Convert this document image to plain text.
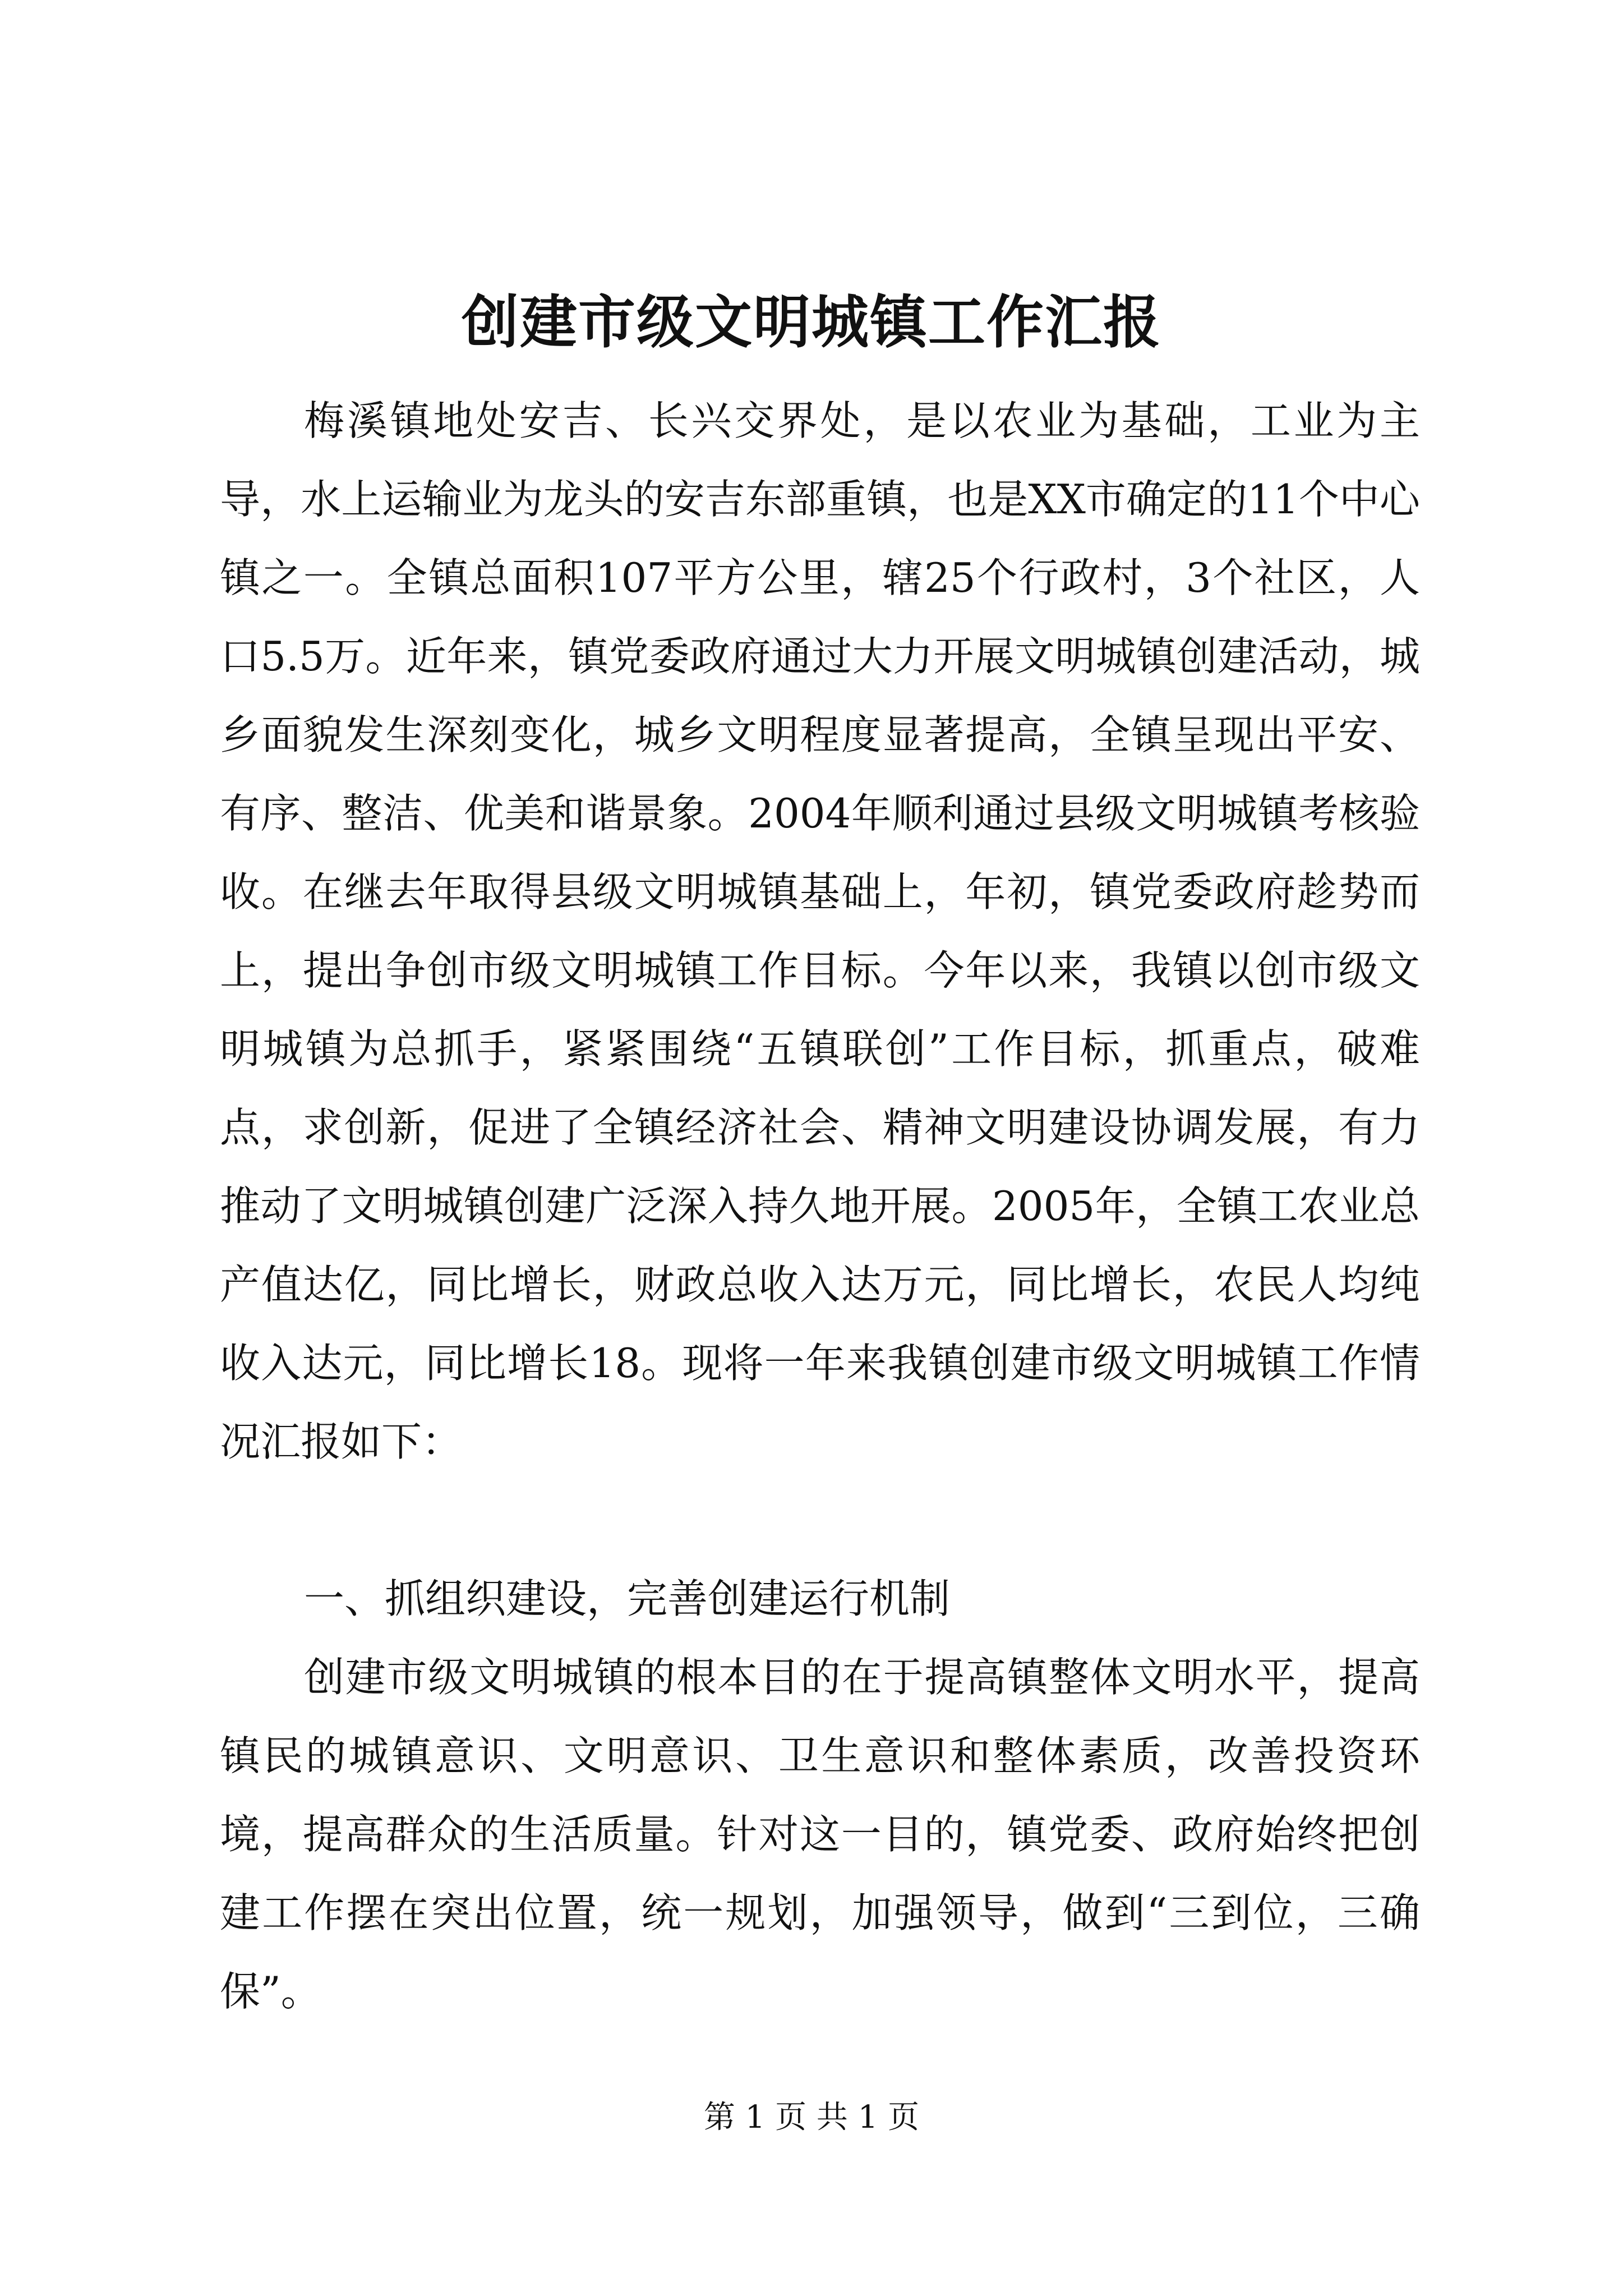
创建市级文明城镇工作汇报

梅溪镇地处安吉、长兴交界处，是以农业为基础，工业为主导，水上运输业为龙头的安吉东部重镇，也是XX市确定的11个中心镇之一。全镇总面积107平方公里，辖25个行政村，3个社区，人口5.5万。近年来，镇党委政府通过大力开展文明城镇创建活动，城乡面貌发生深刻变化，城乡文明程度显著提高，全镇呈现出平安、有序、整洁、优美和谐景象。2004年顺利通过县级文明城镇考核验收。在继去年取得县级文明城镇基础上，年初，镇党委政府趁势而上，提出争创市级文明城镇工作目标。今年以来，我镇以创市级文明城镇为总抓手，紧紧围绕“五镇联创”工作目标，抓重点，破难点，求创新，促进了全镇经济社会、精神文明建设协调发展，有力推动了文明城镇创建广泛深入持久地开展。2005年，全镇工农业总产值达亿，同比增长，财政总收入达万元，同比增长，农民人均纯收入达元，同比增长18。现将一年来我镇创建市级文明城镇工作情况汇报如下：

一、抓组织建设，完善创建运行机制

创建市级文明城镇的根本目的在于提高镇整体文明水平，提高镇民的城镇意识、文明意识、卫生意识和整体素质，改善投资环境，提高群众的生活质量。针对这一目的，镇党委、政府始终把创建工作摆在突出位置，统一规划，加强领导，做到“三到位，三确保”。

第 1 页 共 1 页
